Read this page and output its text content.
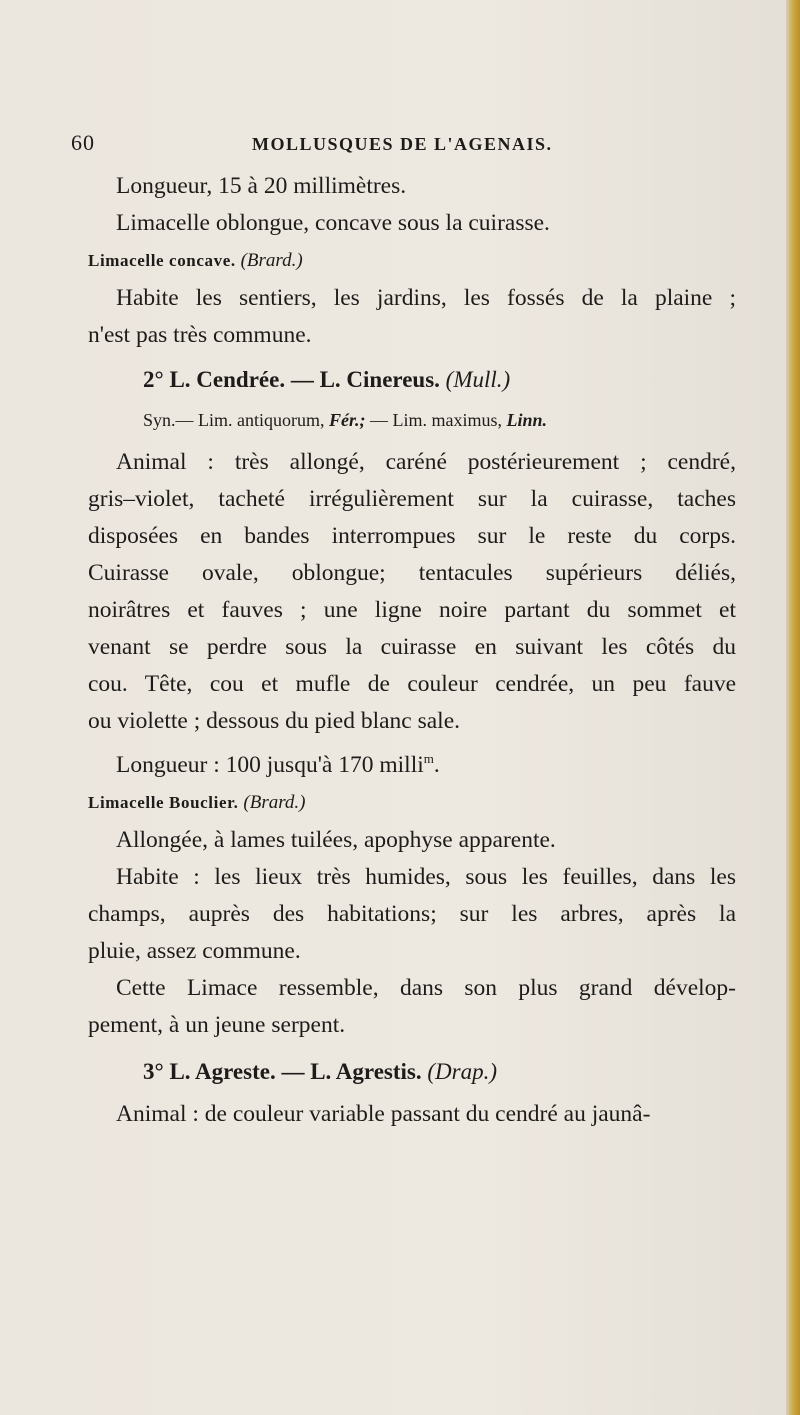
60	MOLLUSQUES DE L'AGENAIS.
Longueur, 15 à 20 millimètres.
Limacelle oblongue, concave sous la cuirasse.
Limacelle concave. (Brard.)
Habite les sentiers, les jardins, les fossés de la plaine ;
n'est pas très commune.
2° L. Cendrée. — L. Cinereus. (Mull.)
Syn.— Lim. antiquorum, Fér.; — Lim. maximus, Linn.
Animal : très allongé, caréné postérieurement ; cendré,
gris–violet, tacheté irrégulièrement sur la cuirasse, taches
disposées en bandes interrompues sur le reste du corps.
Cuirasse ovale, oblongue; tentacules supérieurs déliés,
noirâtres et fauves ; une ligne noire partant du sommet et
venant se perdre sous la cuirasse en suivant les côtés du
cou. Tête, cou et mufle de couleur cendrée, un peu fauve
ou violette ; dessous du pied blanc sale.
Longueur : 100 jusqu'à 170 milli$^m$.
Limacelle Bouclier. (Brard.)
Allongée, à lames tuilées, apophyse apparente.
Habite : les lieux très humides, sous les feuilles, dans les
champs, auprès des habitations; sur les arbres, après la
pluie, assez commune.
Cette Limace ressemble, dans son plus grand dévelop-
pement, à un jeune serpent.
3° L. Agreste. — L. Agrestis. (Drap.)
Animal : de couleur variable passant du cendré au jaunâ-
